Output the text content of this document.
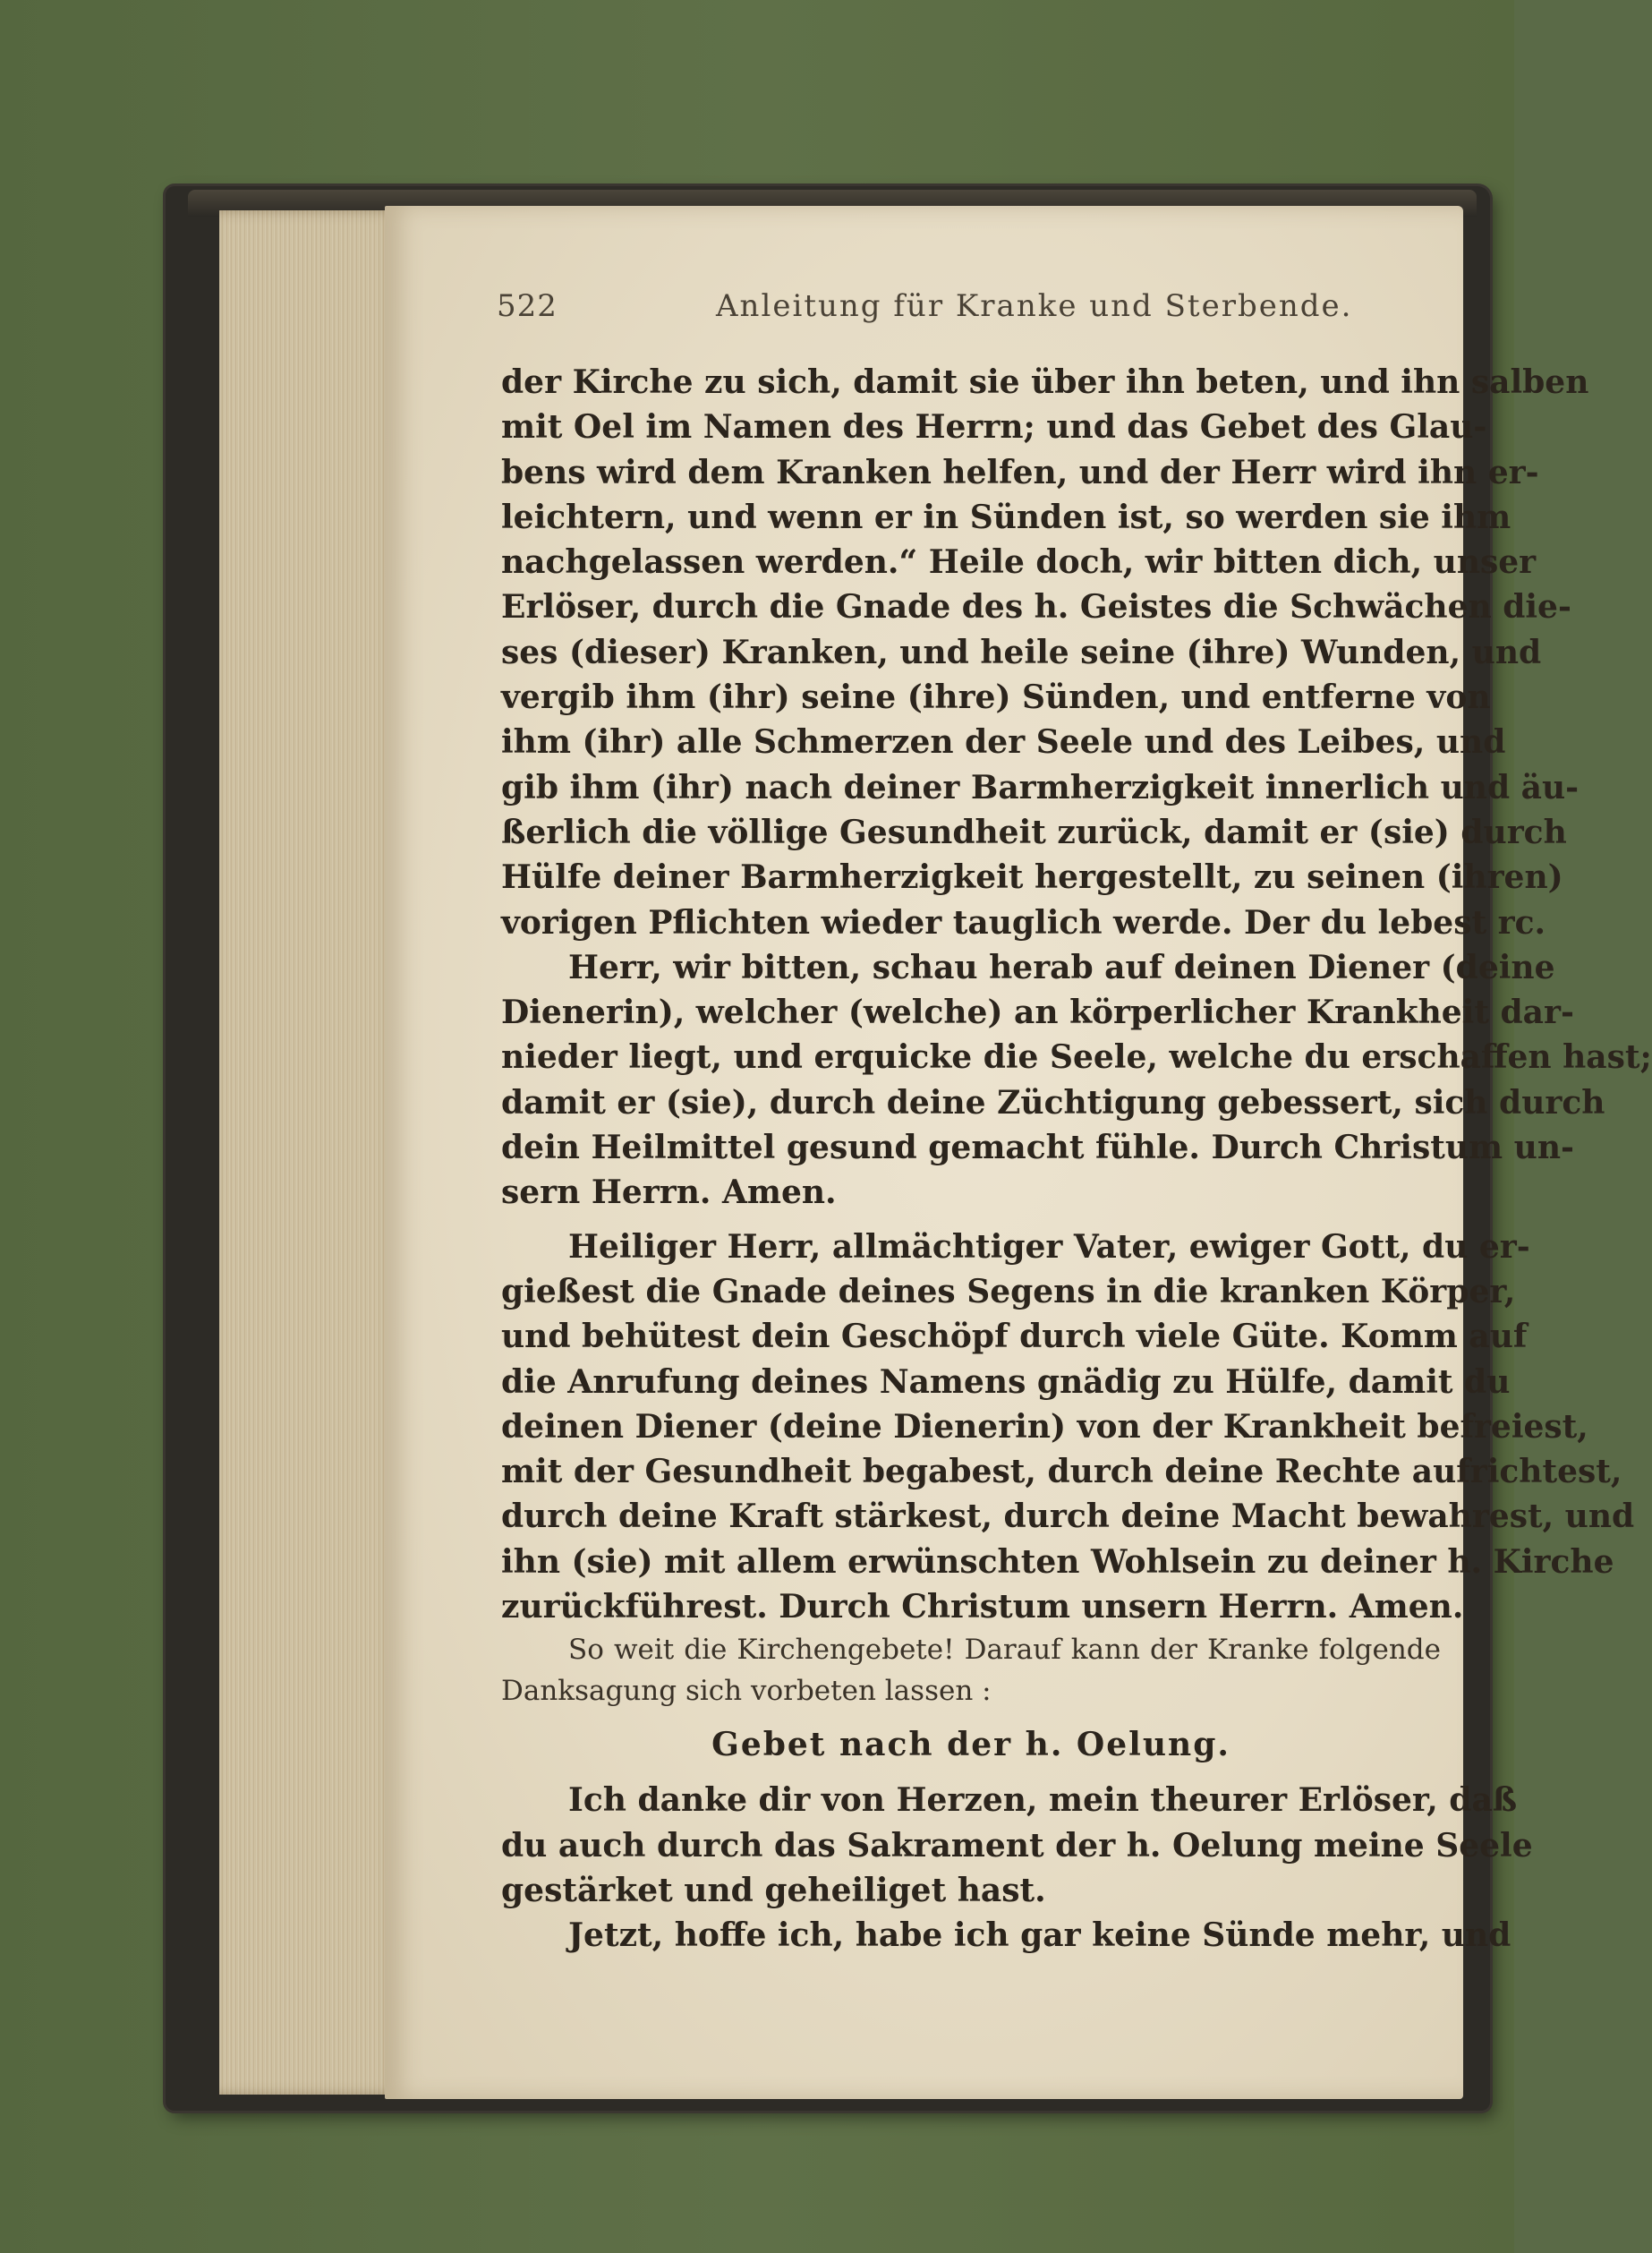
522	Anleitung für Kranke und Sterbende.
der Kirche zu sich, damit sie über ihn beten, und ihn salben
mit Oel im Namen des Herrn; und das Gebet des Glau-
bens wird dem Kranken helfen, und der Herr wird ihn er-
leichtern, und wenn er in Sünden ist, so werden sie ihm
nachgelassen werden.“ Heile doch, wir bitten dich, unser
Erlöser, durch die Gnade des h. Geistes die Schwächen die-
ses (dieser) Kranken, und heile seine (ihre) Wunden, und
vergib ihm (ihr) seine (ihre) Sünden, und entferne von
ihm (ihr) alle Schmerzen der Seele und des Leibes, und
gib ihm (ihr) nach deiner Barmherzigkeit innerlich und äu-
ßerlich die völlige Gesundheit zurück, damit er (sie) durch
Hülfe deiner Barmherzigkeit hergestellt, zu seinen (ihren)
vorigen Pflichten wieder tauglich werde. Der du lebest rc.
Herr, wir bitten, schau herab auf deinen Diener (deine
Dienerin), welcher (welche) an körperlicher Krankheit dar-
nieder liegt, und erquicke die Seele, welche du erschaffen hast;
damit er (sie), durch deine Züchtigung gebessert, sich durch
dein Heilmittel gesund gemacht fühle. Durch Christum un-
sern Herrn. Amen.
Heiliger Herr, allmächtiger Vater, ewiger Gott, du er-
gießest die Gnade deines Segens in die kranken Körper,
und behütest dein Geschöpf durch viele Güte. Komm auf
die Anrufung deines Namens gnädig zu Hülfe, damit du
deinen Diener (deine Dienerin) von der Krankheit befreiest,
mit der Gesundheit begabest, durch deine Rechte aufrichtest,
durch deine Kraft stärkest, durch deine Macht bewahrest, und
ihn (sie) mit allem erwünschten Wohlsein zu deiner h. Kirche
zurückführest. Durch Christum unsern Herrn. Amen.
So weit die Kirchengebete! Darauf kann der Kranke folgende
Danksagung sich vorbeten lassen :
Gebet nach der h. Oelung.
Ich danke dir von Herzen, mein theurer Erlöser, daß
du auch durch das Sakrament der h. Oelung meine Seele
gestärket und geheiliget hast.
Jetzt, hoffe ich, habe ich gar keine Sünde mehr, und
